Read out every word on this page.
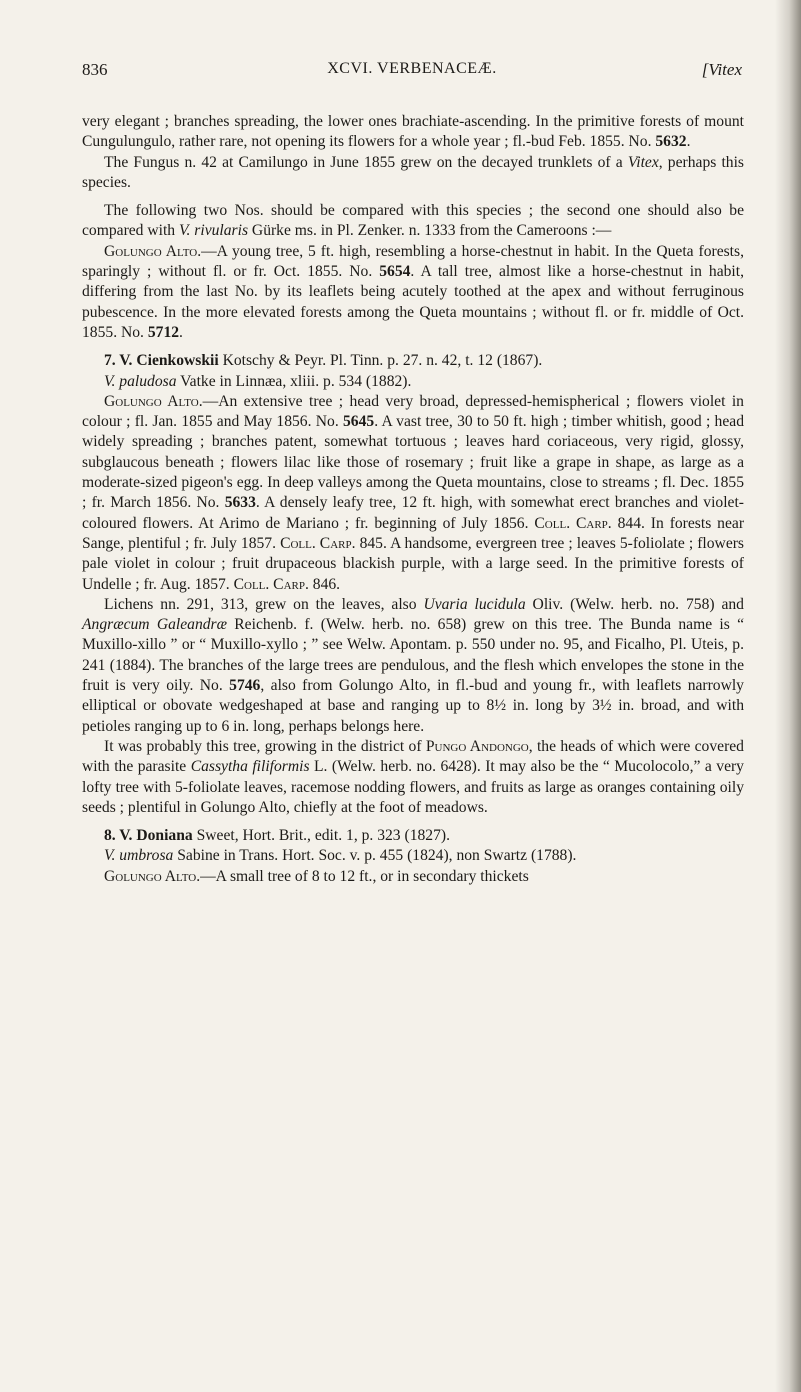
836	XCVI. VERBENACEÆ.	[Vitex

very elegant ; branches spreading, the lower ones brachiate-ascending. In the primitive forests of mount Cungulungulo, rather rare, not opening its flowers for a whole year ; fl.-bud Feb. 1855. No. 5632.

The Fungus n. 42 at Camilungo in June 1855 grew on the decayed trunklets of a Vitex, perhaps this species.

The following two Nos. should be compared with this species ; the second one should also be compared with V. rivularis Gürke ms. in Pl. Zenker. n. 1333 from the Cameroons :—

Golungo Alto.—A young tree, 5 ft. high, resembling a horse-chestnut in habit. In the Queta forests, sparingly ; without fl. or fr. Oct. 1855. No. 5654. A tall tree, almost like a horse-chestnut in habit, differing from the last No. by its leaflets being acutely toothed at the apex and without ferruginous pubescence. In the more elevated forests among the Queta mountains ; without fl. or fr. middle of Oct. 1855. No. 5712.

7. V. Cienkowskii Kotschy & Peyr. Pl. Tinn. p. 27. n. 42, t. 12 (1867).

V. paludosa Vatke in Linnæa, xliii. p. 534 (1882).

Golungo Alto.—An extensive tree ; head very broad, depressed-hemispherical ; flowers violet in colour ; fl. Jan. 1855 and May 1856. No. 5645. A vast tree, 30 to 50 ft. high ; timber whitish, good ; head widely spreading ; branches patent, somewhat tortuous ; leaves hard coriaceous, very rigid, glossy, subglaucous beneath ; flowers lilac like those of rosemary ; fruit like a grape in shape, as large as a moderate-sized pigeon's egg. In deep valleys among the Queta mountains, close to streams ; fl. Dec. 1855 ; fr. March 1856. No. 5633. A densely leafy tree, 12 ft. high, with somewhat erect branches and violet-coloured flowers. At Arimo de Mariano ; fr. beginning of July 1856. Coll. Carp. 844. In forests near Sange, plentiful ; fr. July 1857. Coll. Carp. 845. A handsome, evergreen tree ; leaves 5-foliolate ; flowers pale violet in colour ; fruit drupaceous blackish purple, with a large seed. In the primitive forests of Undelle ; fr. Aug. 1857. Coll. Carp. 846.

Lichens nn. 291, 313, grew on the leaves, also Uvaria lucidula Oliv. (Welw. herb. no. 758) and Angræcum Galeandræ Reichenb. f. (Welw. herb. no. 658) grew on this tree. The Bunda name is “ Muxillo-xillo ” or “ Muxillo-xyllo ; ” see Welw. Apontam. p. 550 under no. 95, and Ficalho, Pl. Uteis, p. 241 (1884). The branches of the large trees are pendulous, and the flesh which envelopes the stone in the fruit is very oily. No. 5746, also from Golungo Alto, in fl.-bud and young fr., with leaflets narrowly elliptical or obovate wedgeshaped at base and ranging up to 8½ in. long by 3½ in. broad, and with petioles ranging up to 6 in. long, perhaps belongs here.

It was probably this tree, growing in the district of Pungo Andongo, the heads of which were covered with the parasite Cassytha filiformis L. (Welw. herb. no. 6428). It may also be the “ Mucolocolo,” a very lofty tree with 5-foliolate leaves, racemose nodding flowers, and fruits as large as oranges containing oily seeds ; plentiful in Golungo Alto, chiefly at the foot of meadows.

8. V. Doniana Sweet, Hort. Brit., edit. 1, p. 323 (1827).

V. umbrosa Sabine in Trans. Hort. Soc. v. p. 455 (1824), non Swartz (1788).

Golungo Alto.—A small tree of 8 to 12 ft., or in secondary thickets
